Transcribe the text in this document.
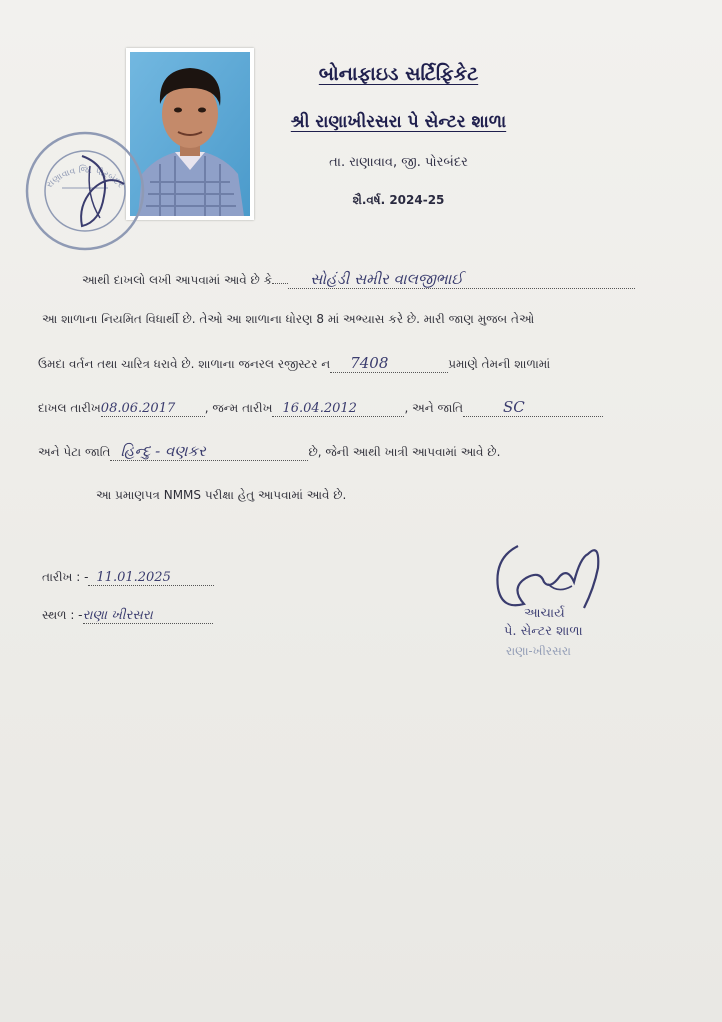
રાણાવાવ જિ. પોરબંદર
બોનાફાઇડ સર્ટિફિકેટ
શ્રી રાણાખીરસરા પે સેન્ટર શાળા
તા. રાણાવાવ, જી. પોરબંદર
શૈ.વર્ષ. 2024-25
આથી દાખલો લખી આપવામાં આવે છે કે	સોહંડી સમીર વાલજીભાઈ
આ શાળાના નિયમિત વિધાર્થી છે. તેઓ આ શાળાના ધોરણ 8 માં અભ્યાસ કરે છે. મારી જાણ મુજબ તેઓ
ઉમદા વર્તન તથા ચારિત્ર ધરાવે છે. શાળાના જનરલ રજીસ્ટર ન 7408	પ્રમાણે તેમની શાળામાં
દાખલ તારીખ08.06.2017 , જન્મ તારીખ 16.04.2012	, અને જાતિ	SC
અને પેટા જાતિ હિન્દુ - વણકર	છે, જેની આથી ખાત્રી આપવામાં આવે છે.
આ પ્રમાણપત્ર NMMS પરીક્ષા હેતુ આપવામાં આવે છે.
તારીખ : - 11.01.2025
સ્થળ : -રાણા ખીરસરા	આચાર્ય
પે. સેન્ટર શાળા
રાણા-ખીરસરા
